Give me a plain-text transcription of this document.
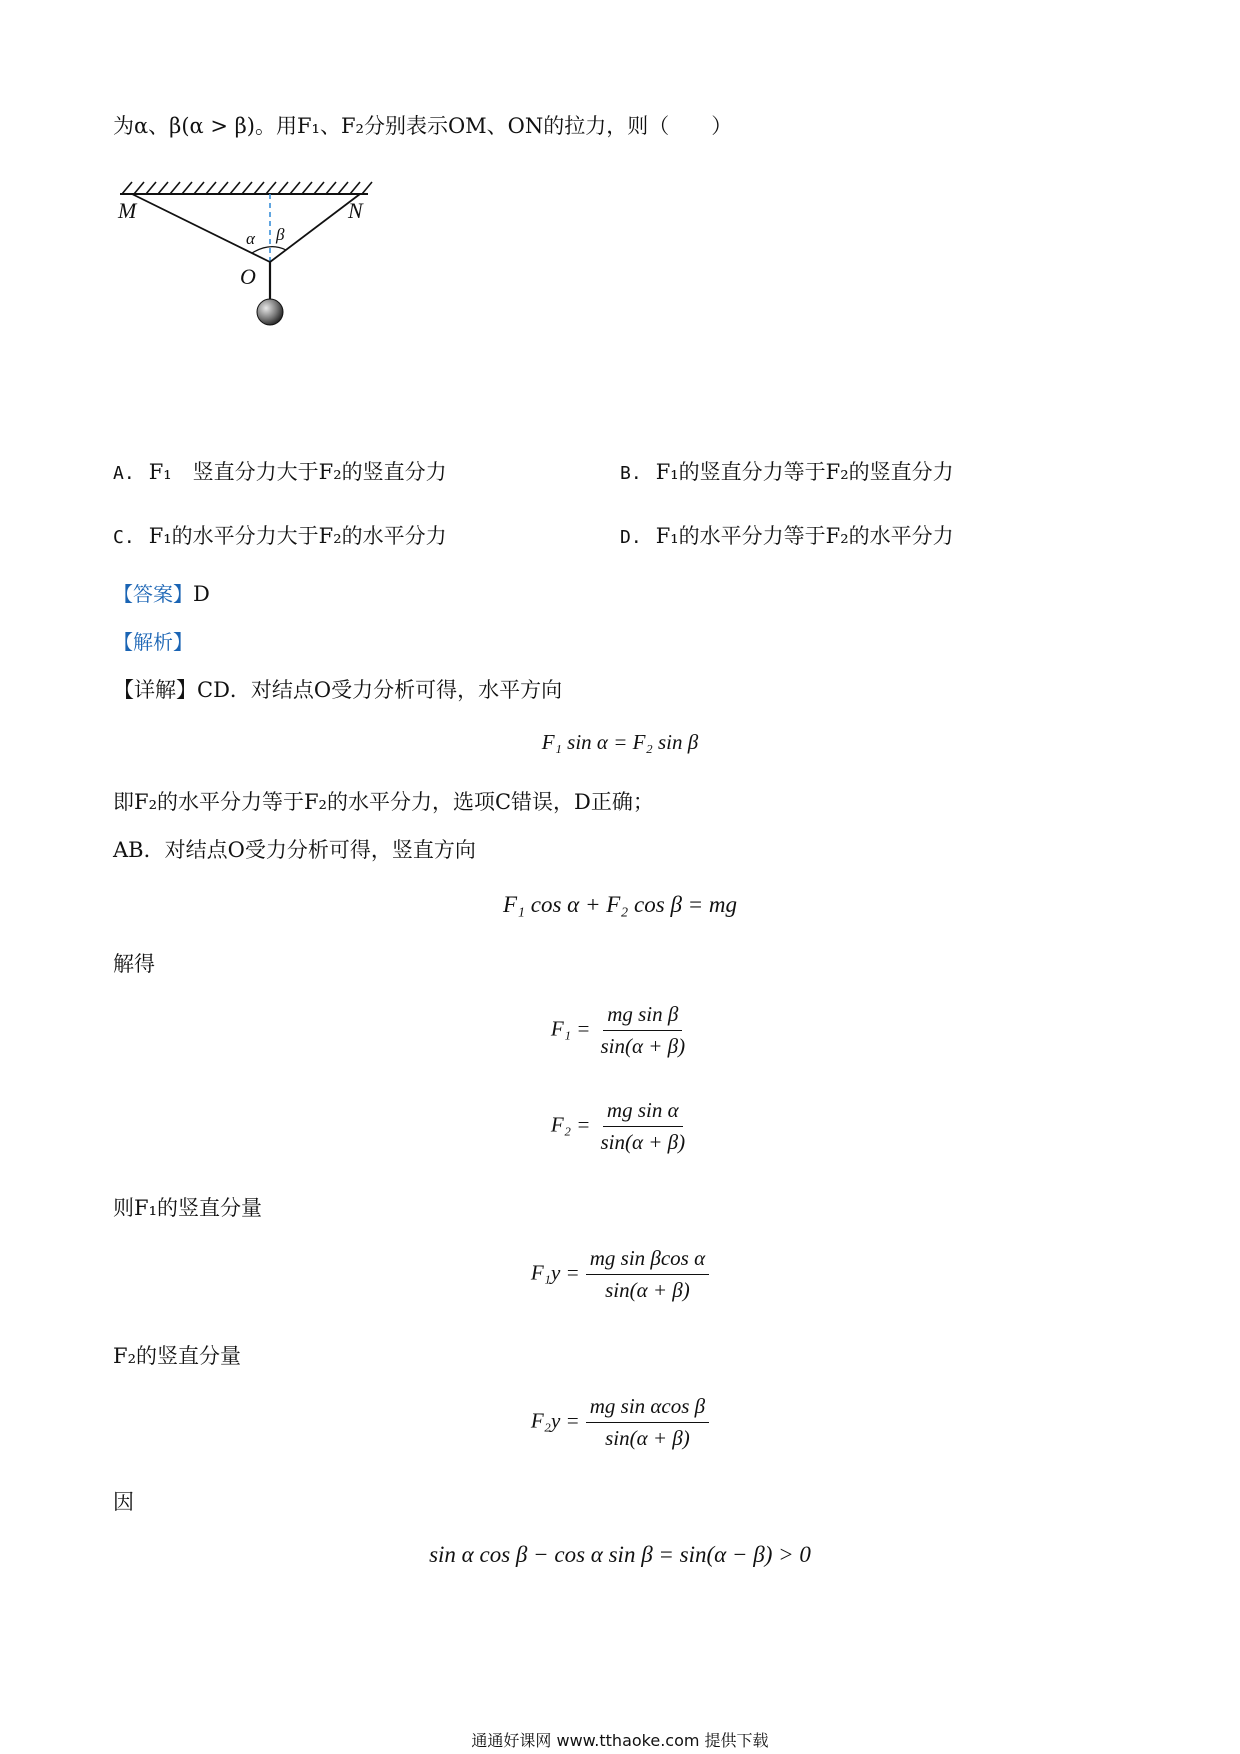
为α、β(α > β)。用F₁、F₂分别表示OM、ON的拉力，则（　　）
M	N
O
α β
A. F₁　竖直分力大于F₂的竖直分力	B. F₁的竖直分力等于F₂的竖直分力
C. F₁的水平分力大于F₂的水平分力	D. F₁的水平分力等于F₂的水平分力
【答案】D
【解析】
【详解】CD．对结点O受力分析可得，水平方向
F₁ sin α = F₂ sin β
即F₂的水平分力等于F₂的水平分力，选项C错误，D正确；
AB．对结点O受力分析可得，竖直方向
F₁ cos α + F₂ cos β = mg
解得
$F_1 = \frac{\text{mg sin β}}{\sin(\alpha + \beta)}$
$F_2 = \frac{\text{mg sin α}}{\sin(\alpha + \beta)}$
则F₁的竖直分量
$F_1y = \frac{\text{mg sin βcos α}}{\sin(\alpha + \beta)}$
F₂的竖直分量
$F_2y = \frac{\text{mg sin αcos β}}{\sin(\alpha + \beta)}$
因
sin α cos β − cos α sin β = sin(α − β) > 0
通通好课网 www.tthaoke.com 提供下载
